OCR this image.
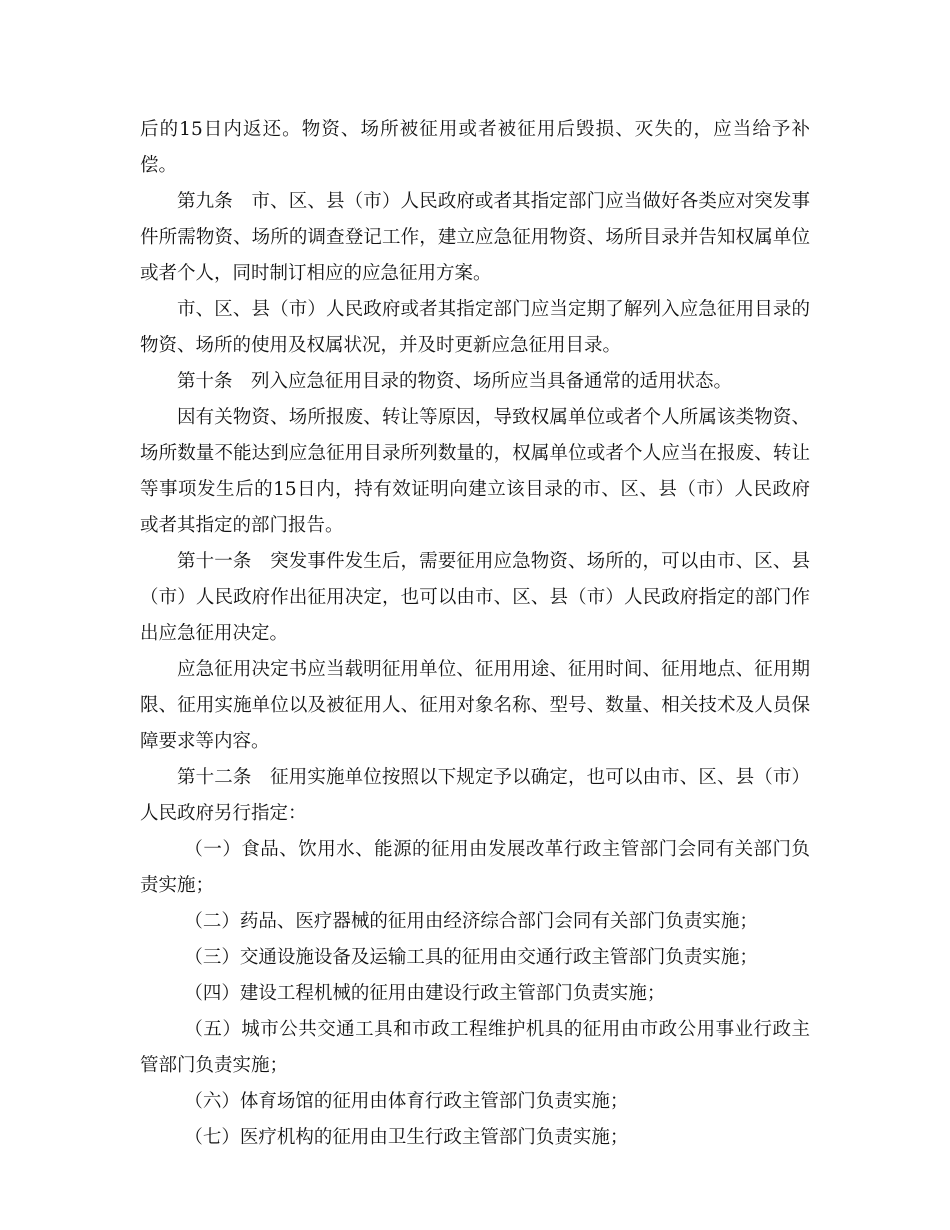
后的15日内返还。物资、场所被征用或者被征用后毁损、灭失的，应当给予补偿。

第九条　市、区、县（市）人民政府或者其指定部门应当做好各类应对突发事件所需物资、场所的调查登记工作，建立应急征用物资、场所目录并告知权属单位或者个人，同时制订相应的应急征用方案。

市、区、县（市）人民政府或者其指定部门应当定期了解列入应急征用目录的物资、场所的使用及权属状况，并及时更新应急征用目录。

第十条　列入应急征用目录的物资、场所应当具备通常的适用状态。

因有关物资、场所报废、转让等原因，导致权属单位或者个人所属该类物资、场所数量不能达到应急征用目录所列数量的，权属单位或者个人应当在报废、转让等事项发生后的15日内，持有效证明向建立该目录的市、区、县（市）人民政府或者其指定的部门报告。

第十一条　突发事件发生后，需要征用应急物资、场所的，可以由市、区、县（市）人民政府作出征用决定，也可以由市、区、县（市）人民政府指定的部门作出应急征用决定。

应急征用决定书应当载明征用单位、征用用途、征用时间、征用地点、征用期限、征用实施单位以及被征用人、征用对象名称、型号、数量、相关技术及人员保障要求等内容。

第十二条　征用实施单位按照以下规定予以确定，也可以由市、区、县（市）人民政府另行指定：

（一）食品、饮用水、能源的征用由发展改革行政主管部门会同有关部门负责实施；

（二）药品、医疗器械的征用由经济综合部门会同有关部门负责实施；

（三）交通设施设备及运输工具的征用由交通行政主管部门负责实施；

（四）建设工程机械的征用由建设行政主管部门负责实施；

（五）城市公共交通工具和市政工程维护机具的征用由市政公用事业行政主管部门负责实施；

（六）体育场馆的征用由体育行政主管部门负责实施；

（七）医疗机构的征用由卫生行政主管部门负责实施；
